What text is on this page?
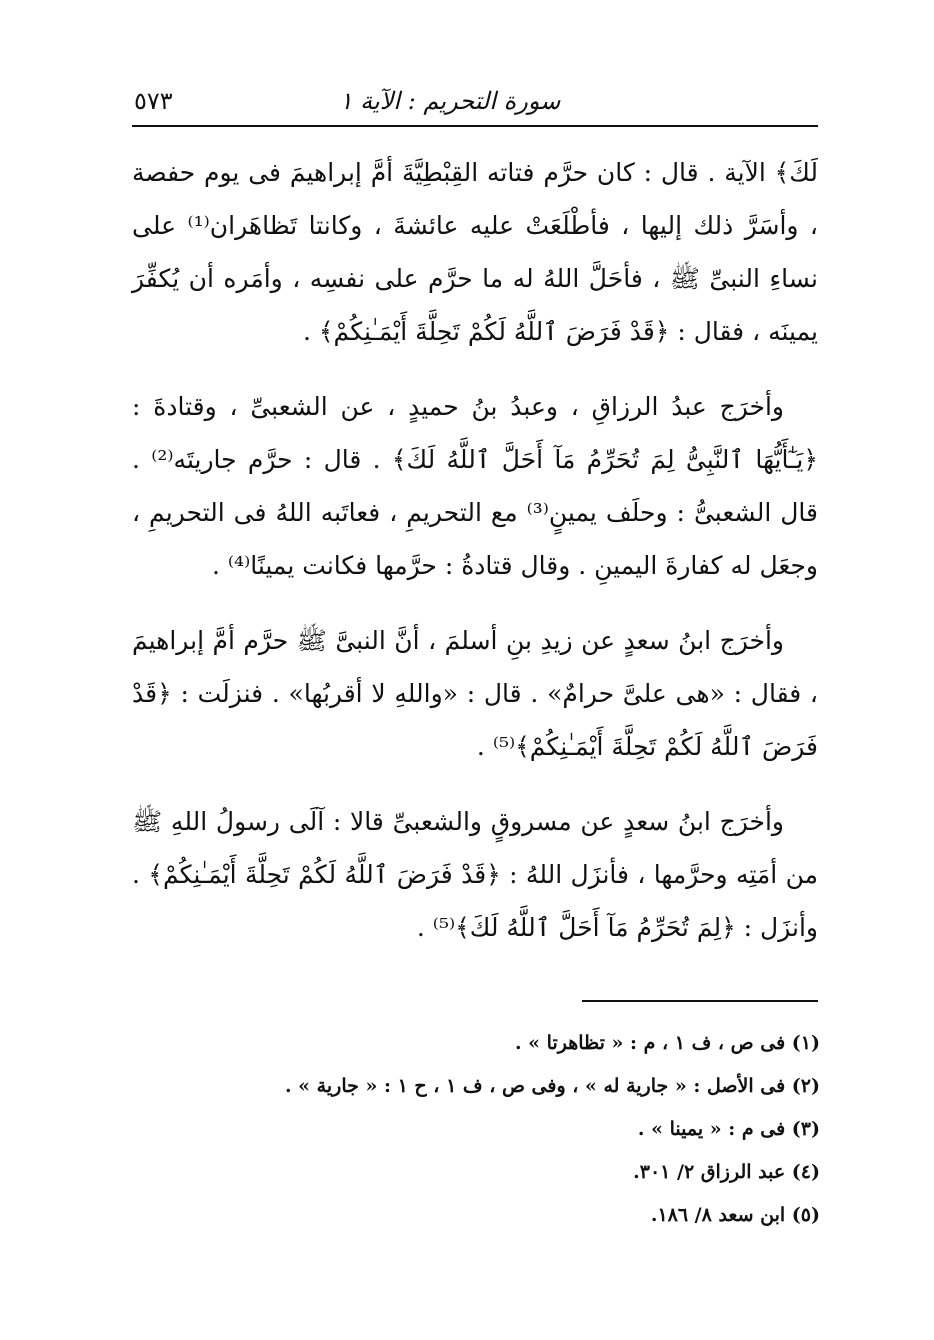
سورة التحريم : الآية ١
٥٧٣

لَكَ﴾ الآية . قال : كان حرَّم فتاته القِبْطِيَّةَ أمَّ إبراهيمَ فى يوم حفصة ، وأسَرَّ ذلك إليها ، فأطْلَعَتْ عليه عائشةَ ، وكانتا تَظاهَران⁽¹⁾ على نساءِ النبىِّ ﷺ ، فأحَلَّ اللهُ له ما حرَّم على نفسِه ، وأمَره أن يُكفِّرَ يمينَه ، فقال : ﴿قَدْ فَرَضَ ٱللَّهُ لَكُمْ تَحِلَّةَ أَيْمَـٰنِكُمْ﴾ .

وأخرَج عبدُ الرزاقِ ، وعبدُ بنُ حميدٍ ، عن الشعبىِّ ، وقتادةَ : ﴿يَـٰٓأَيُّهَا ٱلنَّبِىُّ لِمَ تُحَرِّمُ مَآ أَحَلَّ ٱللَّهُ لَكَ﴾ . قال : حرَّم جاريتَه⁽²⁾ . قال الشعبىُّ : وحلَف يمينٍ⁽³⁾ مع التحريمِ ، فعاتَبه اللهُ فى التحريمِ ، وجعَل له كفارةَ اليمينِ . وقال قتادةُ : حرَّمها فكانت يمينًا⁽⁴⁾ .

وأخرَج ابنُ سعدٍ عن زيدِ بنِ أسلمَ ، أنَّ النبىَّ ﷺ حرَّم أمَّ إبراهيمَ ، فقال : «هى علىَّ حرامٌ» . قال : «واللهِ لا أقربُها» . فنزلَت : ﴿قَدْ فَرَضَ ٱللَّهُ لَكُمْ تَحِلَّةَ أَيْمَـٰنِكُمْ﴾⁽⁵⁾ .

وأخرَج ابنُ سعدٍ عن مسروقٍ والشعبىِّ قالا : آلَى رسولُ اللهِ ﷺ من أمَتِه وحرَّمها ، فأنزَل اللهُ : ﴿قَدْ فَرَضَ ٱللَّهُ لَكُمْ تَحِلَّةَ أَيْمَـٰنِكُمْ﴾ . وأنزَل : ﴿لِمَ تُحَرِّمُ مَآ أَحَلَّ ٱللَّهُ لَكَ﴾⁽⁵⁾ .

(١) فى ص ، ف ١ ، م : « تظاهرتا » .
(٢) فى الأصل : « جارية له » ، وفى ص ، ف ١ ، ح ١ : « جارية » .
(٣) فى م : « يمينا » .
(٤) عبد الرزاق ٢/ ٣٠١.
(٥) ابن سعد ٨/ ١٨٦.
